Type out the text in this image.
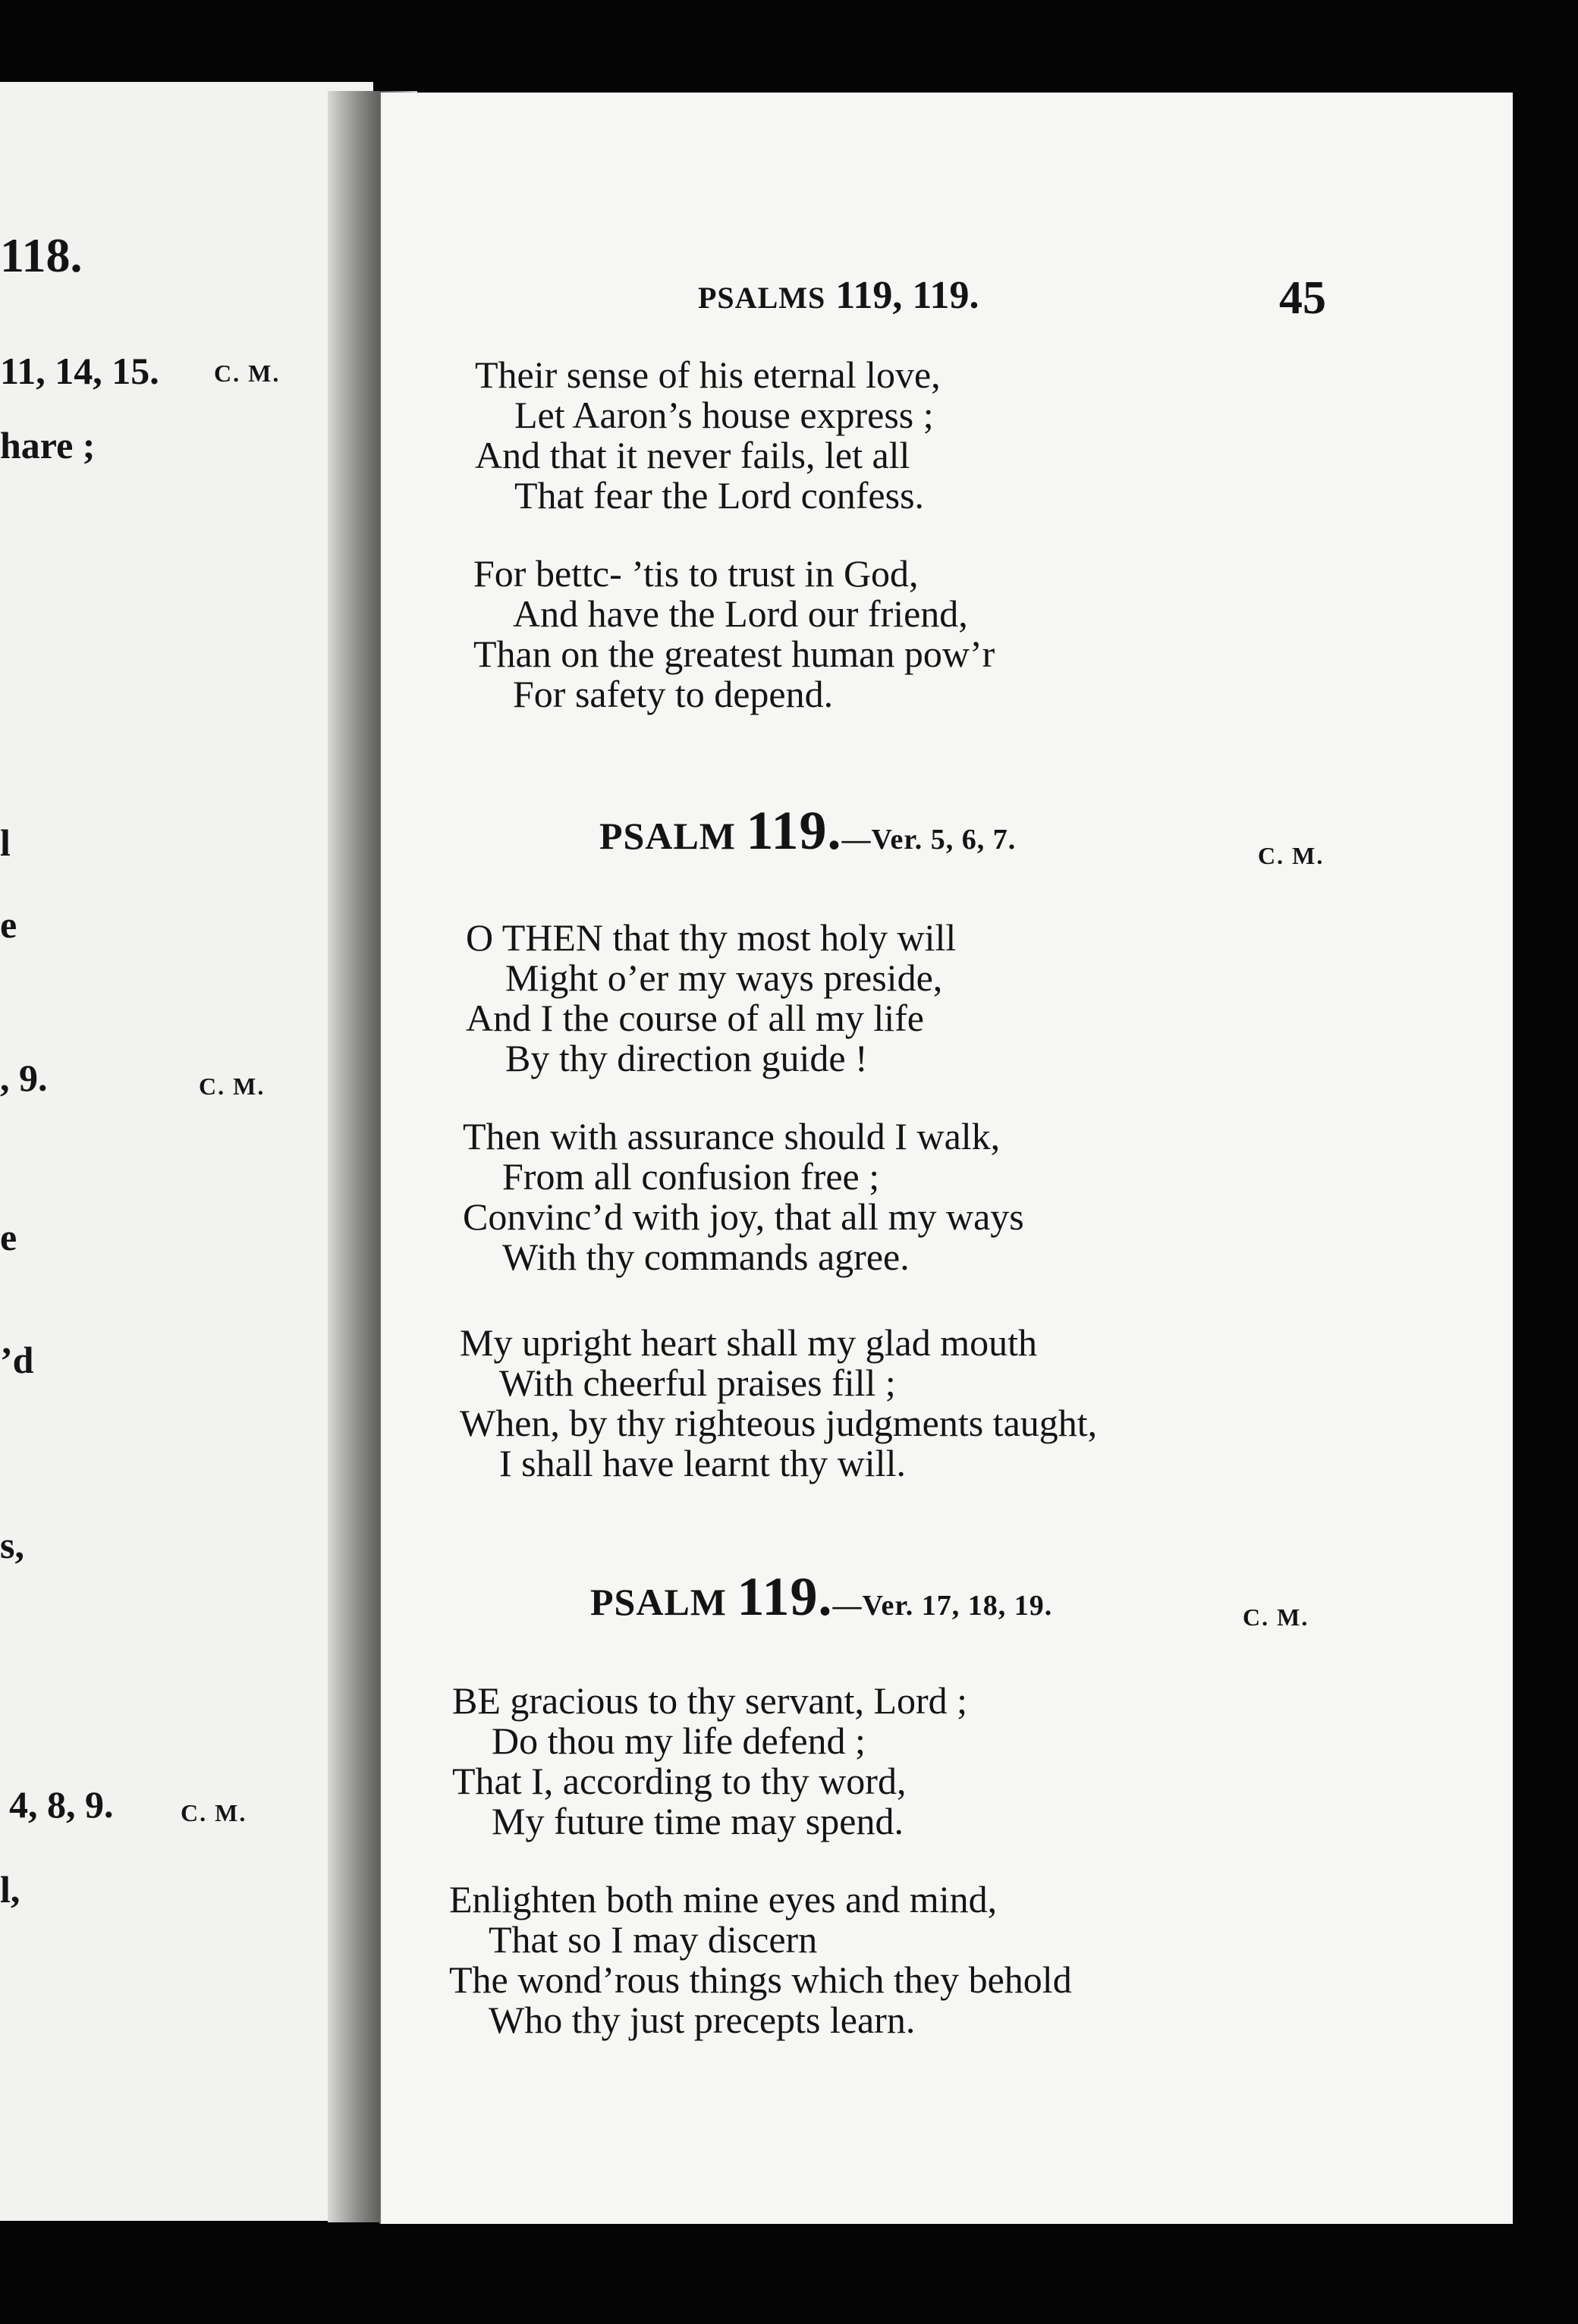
118.
11, 14, 15. C. M.
hare ;
l
e
, 9.	C. M.
e
’d
s,
4, 8, 9.	C. M.
l,
PSALMS 119, 119.	45
Their sense of his eternal love,
Let Aaron’s house express ;
And that it never fails, let all
That fear the Lord confess.
For bettc- ’tis to trust in God,
And have the Lord our friend,
Than on the greatest human pow’r
For safety to depend.
PSALM 119.—Ver. 5, 6, 7.	C. M.
O THEN that thy most holy will
Might o’er my ways preside,
And I the course of all my life
By thy direction guide !
Then with assurance should I walk,
From all confusion free ;
Convinc’d with joy, that all my ways
With thy commands agree.
My upright heart shall my glad mouth
With cheerful praises fill ;
When, by thy righteous judgments taught,
I shall have learnt thy will.
PSALM 119.—Ver. 17, 18, 19.	C. M.
BE gracious to thy servant, Lord ;
Do thou my life defend ;
That I, according to thy word,
My future time may spend.
Enlighten both mine eyes and mind,
That so I may discern
The wond’rous things which they behold
Who thy just precepts learn.
